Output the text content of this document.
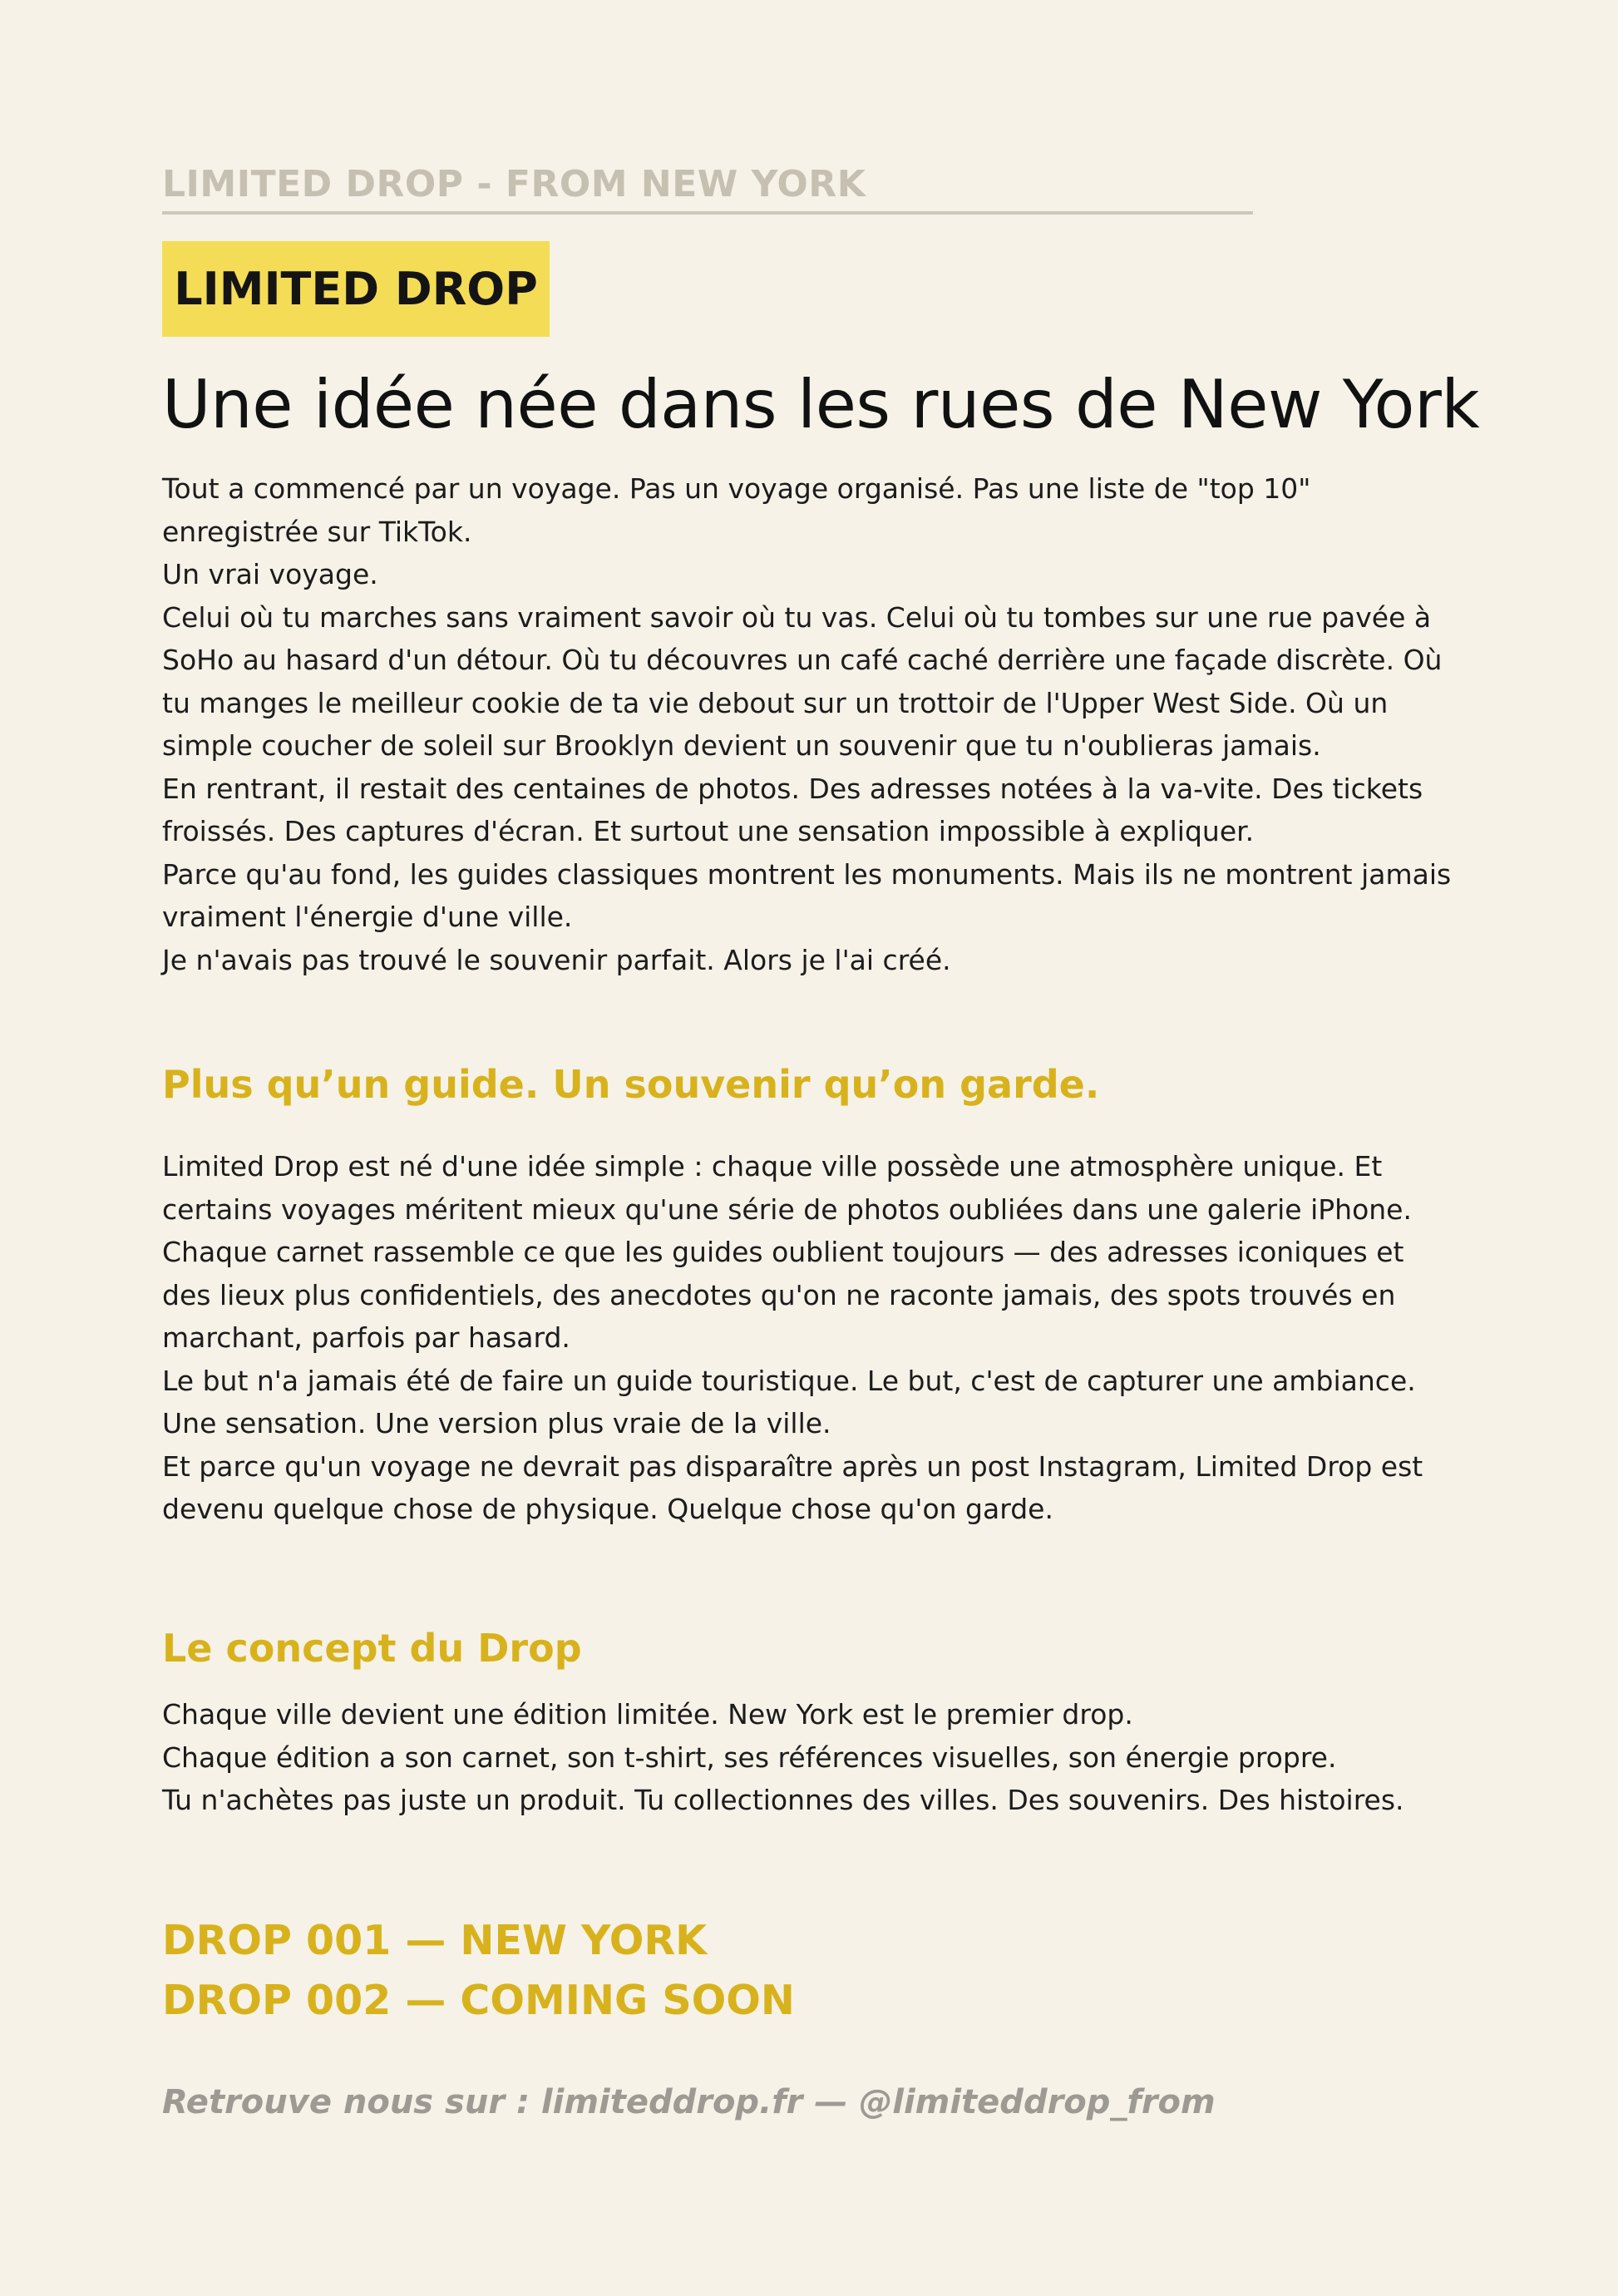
LIMITED DROP - FROM NEW YORK
LIMITED DROP
Une idée née dans les rues de New York

Tout a commencé par un voyage. Pas un voyage organisé. Pas une liste de "top 10" enregistrée sur TikTok.

Un vrai voyage.

Celui où tu marches sans vraiment savoir où tu vas. Celui où tu tombes sur une rue pavée à SoHo au hasard d'un détour. Où tu découvres un café caché derrière une façade discrète. Où tu manges le meilleur cookie de ta vie debout sur un trottoir de l'Upper West Side. Où un simple coucher de soleil sur Brooklyn devient un souvenir que tu n'oublieras jamais.

En rentrant, il restait des centaines de photos. Des adresses notées à la va-vite. Des tickets froissés. Des captures d'écran. Et surtout une sensation impossible à expliquer.

Parce qu'au fond, les guides classiques montrent les monuments. Mais ils ne montrent jamais vraiment l'énergie d'une ville.

Je n'avais pas trouvé le souvenir parfait. Alors je l'ai créé.

Plus qu’un guide. Un souvenir qu’on garde.

Limited Drop est né d'une idée simple : chaque ville possède une atmosphère unique. Et certains voyages méritent mieux qu'une série de photos oubliées dans une galerie iPhone.

Chaque carnet rassemble ce que les guides oublient toujours — des adresses iconiques et des lieux plus confidentiels, des anecdotes qu'on ne raconte jamais, des spots trouvés en marchant, parfois par hasard.

Le but n'a jamais été de faire un guide touristique. Le but, c'est de capturer une ambiance. Une sensation. Une version plus vraie de la ville.

Et parce qu'un voyage ne devrait pas disparaître après un post Instagram, Limited Drop est devenu quelque chose de physique. Quelque chose qu'on garde.

Le concept du Drop

Chaque ville devient une édition limitée. New York est le premier drop.

Chaque édition a son carnet, son t-shirt, ses références visuelles, son énergie propre.

Tu n'achètes pas juste un produit. Tu collectionnes des villes. Des souvenirs. Des histoires.

DROP 001 — NEW YORK
DROP 002 — COMING SOON
Retrouve nous sur : limiteddrop.fr — @limiteddrop_from
